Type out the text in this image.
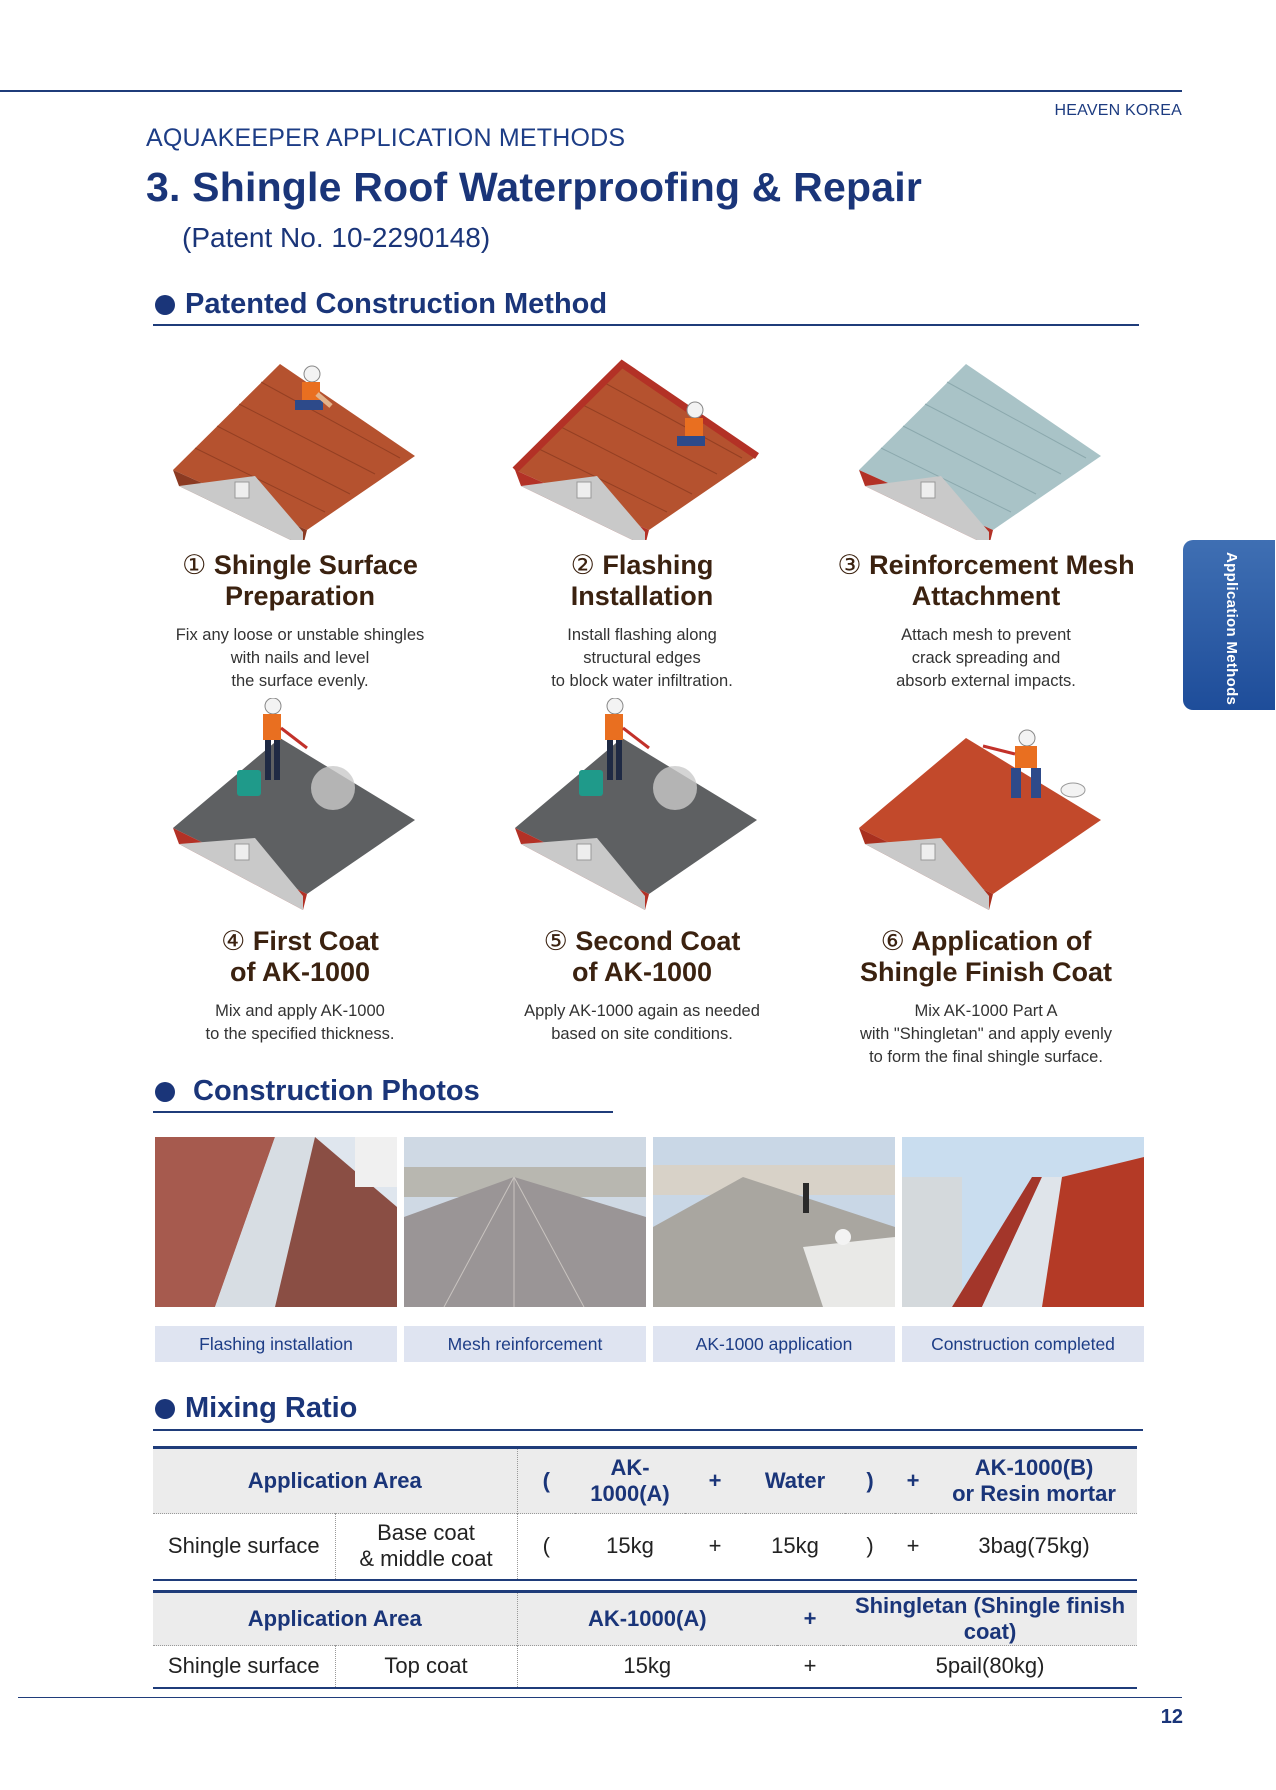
HEAVEN KOREA
AQUAKEEPER APPLICATION METHODS
3. Shingle Roof Waterproofing & Repair
(Patent No. 10-2290148)
Application Methods
Patented Construction Method
① Shingle Surface
Preparation
Fix any loose or unstable shingles
with nails and level
the surface evenly.
② Flashing
Installation
Install flashing along
structural edges
to block water infiltration.
③ Reinforcement Mesh
Attachment
Attach mesh to prevent
crack spreading and
absorb external impacts.
④ First Coat
of AK-1000
Mix and apply AK-1000
to the specified thickness.
⑤ Second Coat
of AK-1000
Apply AK-1000 again as needed
based on site conditions.
⑥ Application of
Shingle Finish Coat
Mix AK-1000 Part A
with "Shingletan" and apply evenly
to form the final shingle surface.
Construction Photos
Flashing installation	Mesh reinforcement	AK-1000 application	Construction completed
Mixing Ratio
Application Area		(	AK-1000(A)	+	Water	)	+	AK-1000(B)
or Resin mortar
Shingle surface	Base coat
& middle coat	(	15kg	+	15kg	)	+	3bag(75kg)
Application Area		AK-1000(A)	+	Shingletan (Shingle finish coat)
Shingle surface	Top coat	15kg	+	5pail(80kg)
12
